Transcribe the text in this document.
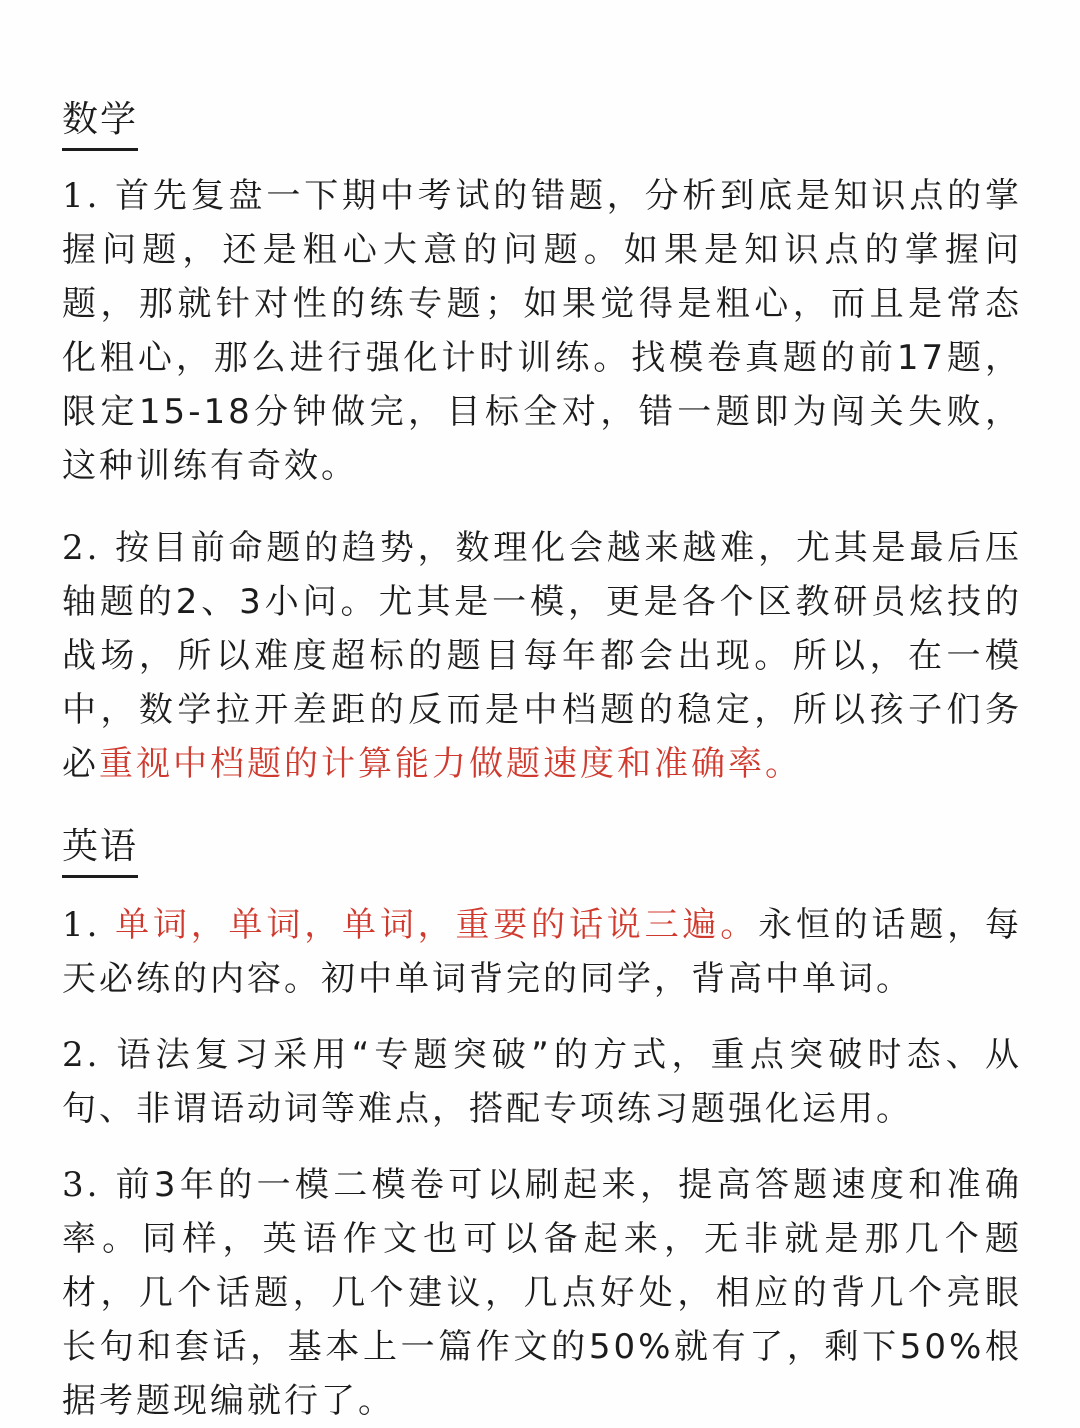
数学

1. 首先复盘一下期中考试的错题，分析到底是知识点的掌握问题，还是粗心大意的问题。如果是知识点的掌握问题，那就针对性的练专题；如果觉得是粗心，而且是常态化粗心，那么进行强化计时训练。找模卷真题的前17题，限定15-18分钟做完，目标全对，错一题即为闯关失败，这种训练有奇效。

2. 按目前命题的趋势，数理化会越来越难，尤其是最后压轴题的2、3小问。尤其是一模，更是各个区教研员炫技的战场，所以难度超标的题目每年都会出现。所以，在一模中，数学拉开差距的反而是中档题的稳定，所以孩子们务必重视中档题的计算能力做题速度和准确率。

英语

1. 单词，单词，单词，重要的话说三遍。永恒的话题，每天必练的内容。初中单词背完的同学，背高中单词。

2. 语法复习采用“专题突破”的方式，重点突破时态、从句、非谓语动词等难点，搭配专项练习题强化运用。

3. 前3年的一模二模卷可以刷起来，提高答题速度和准确率。同样，英语作文也可以备起来，无非就是那几个题材，几个话题，几个建议，几点好处，相应的背几个亮眼长句和套话，基本上一篇作文的50%就有了，剩下50%根据考题现编就行了。
